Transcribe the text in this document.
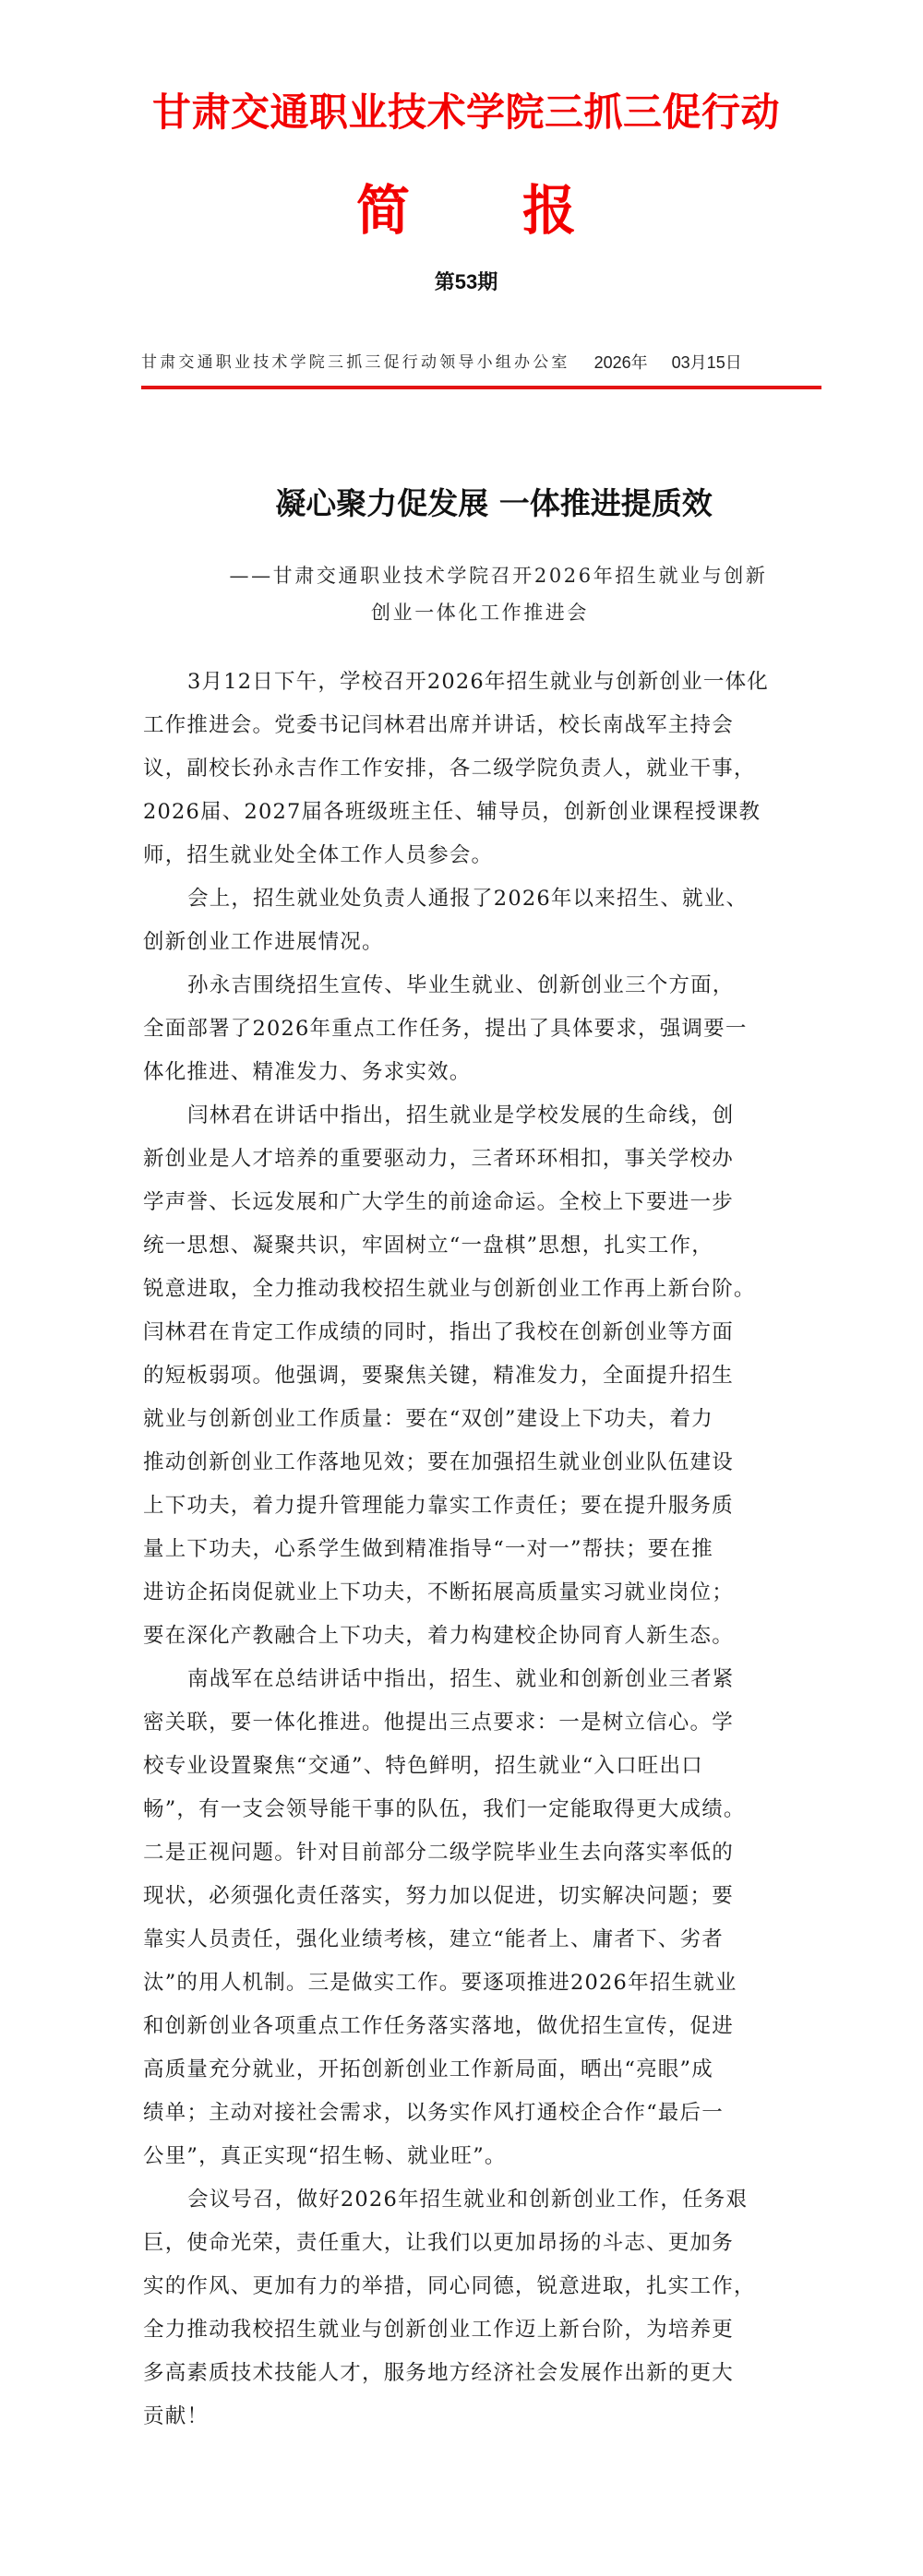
甘肃交通职业技术学院三抓三促行动
简 报
第53期
甘肃交通职业技术学院三抓三促行动领导小组办公室 2026年 03月15日
凝心聚力促发展 一体推进提质效
——甘肃交通职业技术学院召开2026年招生就业与创新
创业一体化工作推进会
3月12日下午，学校召开2026年招生就业与创新创业一体化
工作推进会。党委书记闫林君出席并讲话，校长南战军主持会
议，副校长孙永吉作工作安排，各二级学院负责人，就业干事，
2026届、2027届各班级班主任、辅导员，创新创业课程授课教
师，招生就业处全体工作人员参会。
会上，招生就业处负责人通报了2026年以来招生、就业、
创新创业工作进展情况。
孙永吉围绕招生宣传、毕业生就业、创新创业三个方面，
全面部署了2026年重点工作任务，提出了具体要求，强调要一
体化推进、精准发力、务求实效。
闫林君在讲话中指出，招生就业是学校发展的生命线，创
新创业是人才培养的重要驱动力，三者环环相扣，事关学校办
学声誉、长远发展和广大学生的前途命运。全校上下要进一步
统一思想、凝聚共识，牢固树立“一盘棋”思想，扎实工作，
锐意进取，全力推动我校招生就业与创新创业工作再上新台阶。
闫林君在肯定工作成绩的同时，指出了我校在创新创业等方面
的短板弱项。他强调，要聚焦关键，精准发力，全面提升招生
就业与创新创业工作质量：要在“双创”建设上下功夫，着力
推动创新创业工作落地见效；要在加强招生就业创业队伍建设
上下功夫，着力提升管理能力靠实工作责任；要在提升服务质
量上下功夫，心系学生做到精准指导“一对一”帮扶；要在推
进访企拓岗促就业上下功夫，不断拓展高质量实习就业岗位；
要在深化产教融合上下功夫，着力构建校企协同育人新生态。
南战军在总结讲话中指出，招生、就业和创新创业三者紧
密关联，要一体化推进。他提出三点要求：一是树立信心。学
校专业设置聚焦“交通”、特色鲜明，招生就业“入口旺出口
畅”，有一支会领导能干事的队伍，我们一定能取得更大成绩。
二是正视问题。针对目前部分二级学院毕业生去向落实率低的
现状，必须强化责任落实，努力加以促进，切实解决问题；要
靠实人员责任，强化业绩考核，建立“能者上、庸者下、劣者
汰”的用人机制。三是做实工作。要逐项推进2026年招生就业
和创新创业各项重点工作任务落实落地，做优招生宣传，促进
高质量充分就业，开拓创新创业工作新局面，晒出“亮眼”成
绩单；主动对接社会需求，以务实作风打通校企合作“最后一
公里”，真正实现“招生畅、就业旺”。
会议号召，做好2026年招生就业和创新创业工作，任务艰
巨，使命光荣，责任重大，让我们以更加昂扬的斗志、更加务
实的作风、更加有力的举措，同心同德，锐意进取，扎实工作，
全力推动我校招生就业与创新创业工作迈上新台阶，为培养更
多高素质技术技能人才，服务地方经济社会发展作出新的更大
贡献！
